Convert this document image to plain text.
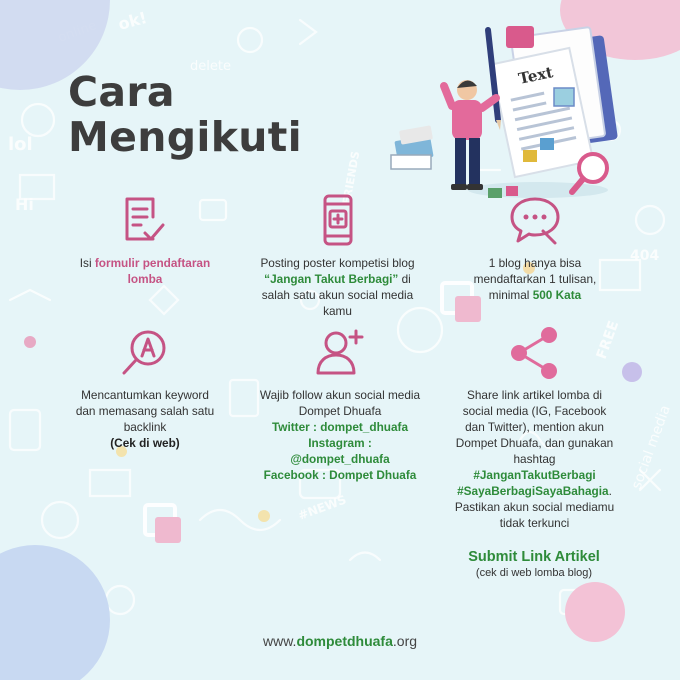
ok!
delete
lol
404
FREE
#NEWS
social media
Hi	FRIENDS
Cara
Mengikuti
Text

Isi formulir pendaftaran lomba

Posting poster kompetisi blog “Jangan Takut Berbagi” di salah satu akun social media kamu

1 blog hanya bisa mendaftarkan 1 tulisan, minimal 500 Kata

Mencantumkan keyword dan memasang salah satu backlink
(Cek di web)

Wajib follow akun social media Dompet Dhuafa
Twitter : dompet_dhuafa
Instagram :
@dompet_dhuafa
Facebook : Dompet Dhuafa

Share link artikel lomba di social media (IG, Facebook dan Twitter), mention akun Dompet Dhuafa, dan gunakan hashtag
#JanganTakutBerbagi
#SayaBerbagiSayaBahagia. Pastikan akun social mediamu tidak terkunci

Submit Link Artikel
(cek di web lomba blog)
www.dompetdhuafa.org
